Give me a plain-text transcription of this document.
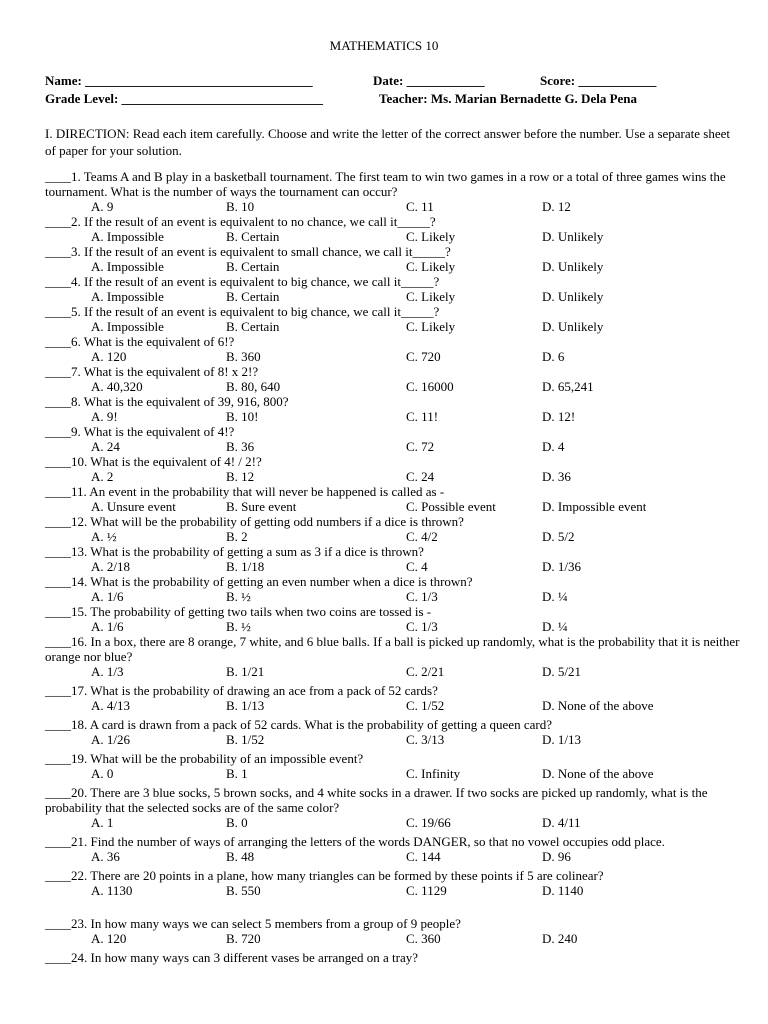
MATHEMATICS 10
Name: ___________________________________	Date: ____________	Score: ____________
Grade Level: _______________________________	Teacher: Ms. Marian Bernadette G. Dela Pena
I. DIRECTION: Read each item carefully. Choose and write the letter of the correct answer before the number. Use a separate sheet of paper for your solution.
____1. Teams A and B play in a basketball tournament. The first team to win two games in a row or a total of three games wins the tournament. What is the number of ways the tournament can occur?
A. 9	B. 10	C. 11	D. 12
____2. If the result of an event is equivalent to no chance, we call it_____?
A. Impossible	B. Certain	C. Likely	D. Unlikely
____3. If the result of an event is equivalent to small chance, we call it_____?
A. Impossible	B. Certain	C. Likely	D. Unlikely
____4. If the result of an event is equivalent to big chance, we call it_____?
A. Impossible	B. Certain	C. Likely	D. Unlikely
____5. If the result of an event is equivalent to big chance, we call it_____?
A. Impossible	B. Certain	C. Likely	D. Unlikely
____6. What is the equivalent of 6!?
A. 120	B. 360	C. 720	D. 6
____7. What is the equivalent of 8! x 2!?
A. 40,320	B. 80, 640	C. 16000	D. 65,241
____8. What is the equivalent of 39, 916, 800?
A. 9!	B. 10!	C. 11!	D. 12!
____9. What is the equivalent of 4!?
A. 24	B. 36	C. 72	D. 4
____10. What is the equivalent of 4! / 2!?
A. 2	B. 12	C. 24	D. 36
____11. An event in the probability that will never be happened is called as -
A. Unsure event	B. Sure event	C. Possible event	D. Impossible event
____12. What will be the probability of getting odd numbers if a dice is thrown?
A. ½	B. 2	C. 4/2	D. 5/2
____13. What is the probability of getting a sum as 3 if a dice is thrown?
A. 2/18	B. 1/18	C. 4	D. 1/36
____14. What is the probability of getting an even number when a dice is thrown?
A. 1/6	B. ½	C. 1/3	D. ¼
____15. The probability of getting two tails when two coins are tossed is -
A. 1/6	B. ½	C. 1/3	D. ¼
____16. In a box, there are 8 orange, 7 white, and 6 blue balls. If a ball is picked up randomly, what is the probability that it is neither orange nor blue?
A. 1/3	B. 1/21	C. 2/21	D. 5/21
____17. What is the probability of drawing an ace from a pack of 52 cards?
A. 4/13	B. 1/13	C. 1/52	D. None of the above
____18. A card is drawn from a pack of 52 cards. What is the probability of getting a queen card?
A. 1/26	B. 1/52	C. 3/13	D. 1/13
____19. What will be the probability of an impossible event?
A. 0	B. 1	C. Infinity	D. None of the above
____20. There are 3 blue socks, 5 brown socks, and 4 white socks in a drawer. If two socks are picked up randomly, what is the probability that the selected socks are of the same color?
A. 1	B. 0	C. 19/66	D. 4/11
____21. Find the number of ways of arranging the letters of the words DANGER, so that no vowel occupies odd place.
A. 36	B. 48	C. 144	D. 96
____22. There are 20 points in a plane, how many triangles can be formed by these points if 5 are colinear?
A. 1130	B. 550	C. 1129	D. 1140
____23. In how many ways we can select 5 members from a group of 9 people?
A. 120	B. 720	C. 360	D. 240
____24. In how many ways can 3 different vases be arranged on a tray?
